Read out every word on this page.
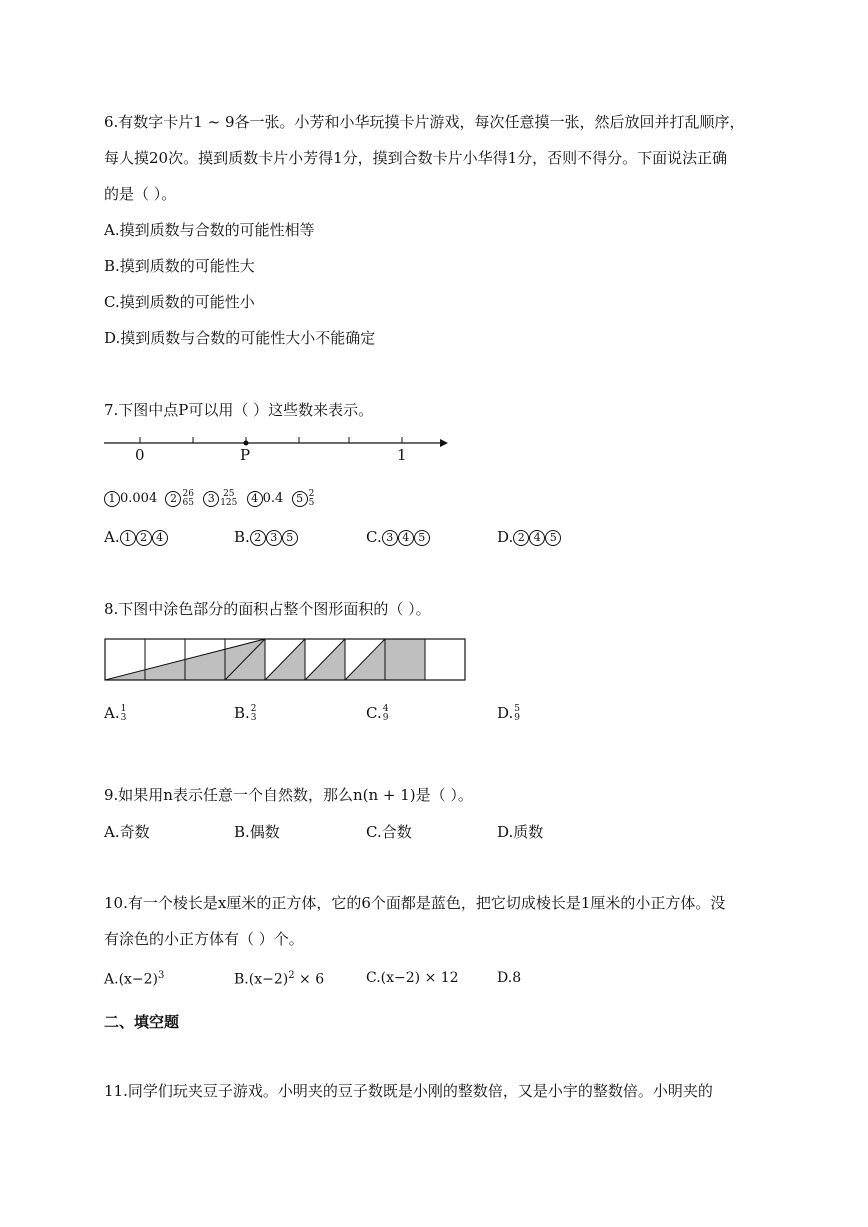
6.有数字卡片1 ~ 9各一张。小芳和小华玩摸卡片游戏，每次任意摸一张，然后放回并打乱顺序，
每人摸20次。摸到质数卡片小芳得1分，摸到合数卡片小华得1分，否则不得分。下面说法正确
的是（ ）。
A.摸到质数与合数的可能性相等
B.摸到质数的可能性大
C.摸到质数的可能性小
D.摸到质数与合数的可能性大小不能确定
7.下图中点P可以用（ ）这些数来表示。
0	P	1
1 0.004 2 26
65 3 25
125 4 0.4 5 2
5
A. 1 2 4	B. 2 3 5	C. 3 4 5	D. 2 4 5
8.下图中涂色部分的面积占整个图形面积的（ ）。
A. 1
3	B. 2
3	C. 4
9	D. 5
9
9.如果用n表示任意一个自然数，那么n(n + 1)是（ ）。
A.奇数	B.偶数	C.合数	D.质数
10.有一个棱长是x厘米的正方体，它的6个面都是蓝色，把它切成棱长是1厘米的小正方体。没
有涂色的小正方体有（ ）个。
$A.(x-2)^3$	$B.(x-2)^2 \times 6$	C.(x−2) × 12	D.8
二、填空题
11.同学们玩夹豆子游戏。小明夹的豆子数既是小刚的整数倍，又是小宇的整数倍。小明夹的
